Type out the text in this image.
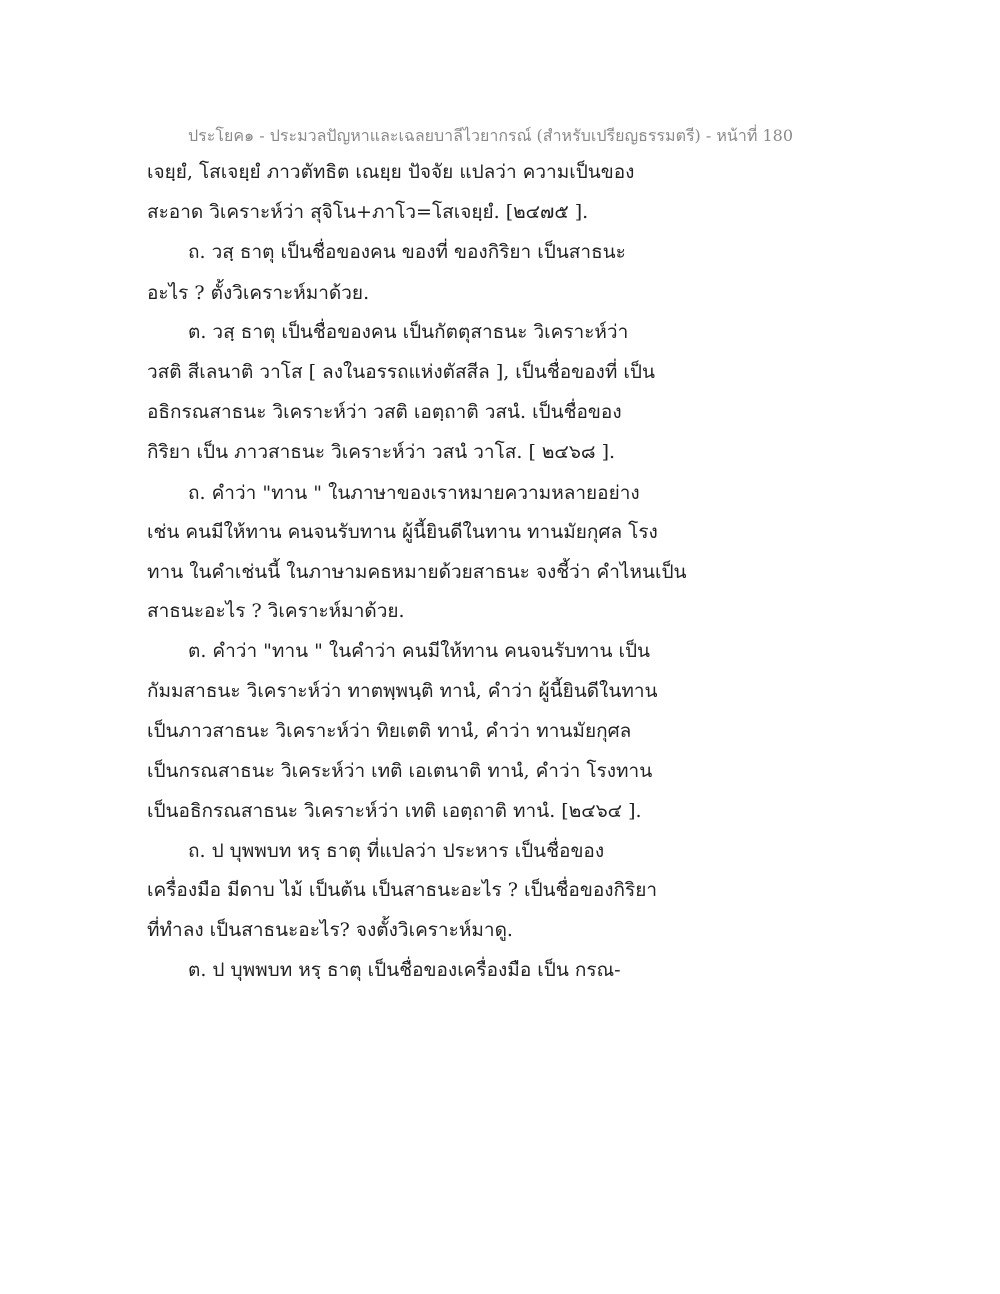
ประโยค๑ - ประมวลปัญหาและเฉลยบาลีไวยากรณ์ (สำหรับเปรียญธรรมตรี) - หน้าที่ 180
เจยฺยํ, โสเจยฺยํ ภาวตัทธิต เณยฺย ปัจจัย แปลว่า ความเป็นของ
สะอาด วิเคราะห์ว่า สุจิโน+ภาโว=โสเจยฺยํ. [๒๔๗๕ ].
ถ. วสฺ ธาตุ เป็นชื่อของคน ของที่ ของกิริยา เป็นสาธนะ
อะไร ? ตั้งวิเคราะห์มาด้วย.
ต. วสฺ ธาตุ เป็นชื่อของคน เป็นกัตตุสาธนะ วิเคราะห์ว่า
วสติ สีเลนาติ วาโส [ ลงในอรรถแห่งตัสสีล ], เป็นชื่อของที่ เป็น
อธิกรณสาธนะ วิเคราะห์ว่า วสติ เอตฺถาติ วสนํ. เป็นชื่อของ
กิริยา เป็น ภาวสาธนะ วิเคราะห์ว่า วสนํ วาโส. [ ๒๔๖๘ ].
ถ. คำว่า "ทาน " ในภาษาของเราหมายความหลายอย่าง
เช่น คนมีให้ทาน คนจนรับทาน ผู้นี้ยินดีในทาน ทานมัยกุศล โรง
ทาน ในคำเช่นนี้ ในภาษามคธหมายด้วยสาธนะ จงชี้ว่า คำไหนเป็น
สาธนะอะไร ? วิเคราะห์มาด้วย.
ต. คำว่า "ทาน " ในคำว่า คนมีให้ทาน คนจนรับทาน เป็น
กัมมสาธนะ วิเคราะห์ว่า ทาตพฺพนฺติ ทานํ, คำว่า ผู้นี้ยินดีในทาน
เป็นภาวสาธนะ วิเคราะห์ว่า ทิยเตติ ทานํ, คำว่า ทานมัยกุศล
เป็นกรณสาธนะ วิเคระห์ว่า เทติ เอเตนาติ ทานํ, คำว่า โรงทาน
เป็นอธิกรณสาธนะ วิเคราะห์ว่า เทติ เอตฺถาติ ทานํ. [๒๔๖๔ ].
ถ. ป บุพพบท หรฺ ธาตุ ที่แปลว่า ประหาร เป็นชื่อของ
เครื่องมือ มีดาบ ไม้ เป็นต้น เป็นสาธนะอะไร ? เป็นชื่อของกิริยา
ที่ทำลง เป็นสาธนะอะไร? จงตั้งวิเคราะห์มาดู.
ต. ป บุพพบท หรฺ ธาตุ เป็นชื่อของเครื่องมือ เป็น กรณ-
